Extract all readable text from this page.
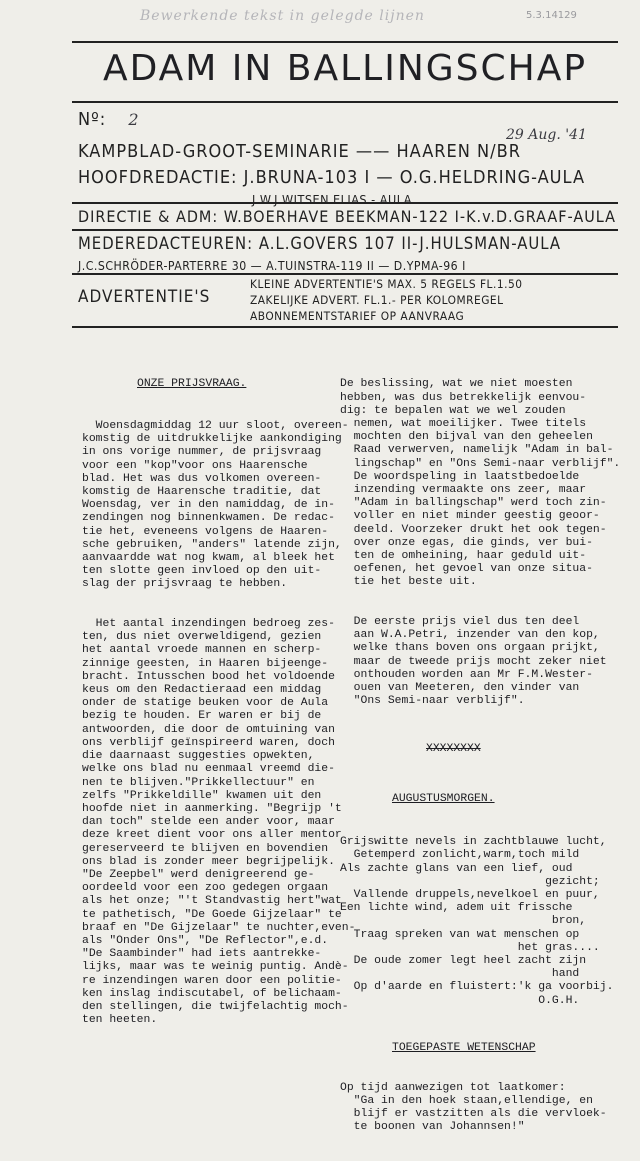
Bewerkende tekst in gelegde lijnen	5.3.14129
ADAM IN BALLINGSCHAP
Nº: 2
29 Aug. '41
KAMPBLAD-GROOT-SEMINARIE —— HAAREN N/BR
HOOFDREDACTIE: J.BRUNA-103 I — O.G.HELDRING-AULA
J.W.J.WITSEN ELIAS - AULA
DIRECTIE & ADM: W.BOERHAVE BEEKMAN-122 I-K.v.D.GRAAF-AULA
MEDEREDACTEUREN: A.L.GOVERS 107 II-J.HULSMAN-AULA
J.C.SCHRÖDER-PARTERRE 30 — A.TUINSTRA-119 II — D.YPMA-96 I
ADVERTENTIE'S
KLEINE ADVERTENTIE'S MAX. 5 REGELS FL.1.50
ZAKELIJKE ADVERT. FL.1.- PER KOLOMREGEL
ABONNEMENTSTARIEF OP AANVRAAG

ONZE PRIJSVRAAG.

Woensdagmiddag 12 uur sloot, overeen-
komstig de uitdrukkelijke aankondiging
in ons vorige nummer, de prijsvraag
voor een "kop"voor ons Haarensche
blad. Het was dus volkomen overeen-
komstig de Haarensche traditie, dat
Woensdag, ver in den namiddag, de in-
zendingen nog binnenkwamen. De redac-
tie het, eveneens volgens de Haaren-
sche gebruiken, "anders" latende zijn,
aanvaardde wat nog kwam, al bleek het
ten slotte geen invloed op den uit-
slag der prijsvraag te hebben.

Het aantal inzendingen bedroeg zes-
ten, dus niet overweldigend, gezien
het aantal vroede mannen en scherp-
zinnige geesten, in Haaren bijeenge-
bracht. Intusschen bood het voldoende
keus om den Redactieraad een middag
onder de statige beuken voor de Aula
bezig te houden. Er waren er bij de
antwoorden, die door de omtuining van
ons verblijf geïnspireerd waren, doch
die daarnaast suggesties opwekten,
welke ons blad nu eenmaal vreemd die-
nen te blijven."Prikkellectuur" en
zelfs "Prikkeldille" kwamen uit den
hoofde niet in aanmerking. "Begrijp 't
dan toch" stelde een ander voor, maar
deze kreet dient voor ons aller mentor
gereserveerd te blijven en bovendien
ons blad is zonder meer begrijpelijk.
"De Zeepbel" werd denigreerend ge-
oordeeld voor een zoo gedegen orgaan
als het onze; "'t Standvastig hert"wat
te pathetisch, "De Goede Gijzelaar" te
braaf en "De Gijzelaar" te nuchter,even-
als "Onder Ons", "De Reflector",e.d.
"De Saambinder" had iets aantrekke-
lijks, maar was te weinig puntig. Andè-
re inzendingen waren door een politie-
ken inslag indiscutabel, of belichaam-
den stellingen, die twijfelachtig moch-
ten heeten.

De beslissing, wat we niet moesten
hebben, was dus betrekkelijk eenvou-
dig: te bepalen wat we wel zouden
nemen, wat moeilijker. Twee titels
mochten den bijval van den geheelen
Raad verwerven, namelijk "Adam in bal-
lingschap" en "Ons Semi-naar verblijf".
De woordspeling in laatstbedoelde
inzending vermaakte ons zeer, maar
"Adam in ballingschap" werd toch zin-
voller en niet minder geestig geoor-
deeld. Voorzeker drukt het ook tegen-
over onze egas, die ginds, ver bui-
ten de omheining, haar geduld uit-
oefenen, het gevoel van onze situa-
tie het beste uit.

De eerste prijs viel dus ten deel
aan W.A.Petri, inzender van den kop,
welke thans boven ons orgaan prijkt,
maar de tweede prijs mocht zeker niet
onthouden worden aan Mr F.M.Wester-
ouen van Meeteren, den vinder van
"Ons Semi-naar verblijf".

XXXXXXXX

AUGUSTUSMORGEN.

Grijswitte nevels in zachtblauwe lucht,
Getemperd zonlicht,warm,toch mild
Als zachte glans van een lief, oud
gezicht;
Vallende druppels,nevelkoel en puur,
Een lichte wind, adem uit frissche
bron,
Traag spreken van wat menschen op
het gras....
De oude zomer legt heel zacht zijn
hand
Op d'aarde en fluistert:'k ga voorbij.
O.G.H.

TOEGEPASTE WETENSCHAP

Op tijd aanwezigen tot laatkomer:
"Ga in den hoek staan,ellendige, en
blijf er vastzitten als die vervloek-
te boonen van Johannsen!"
